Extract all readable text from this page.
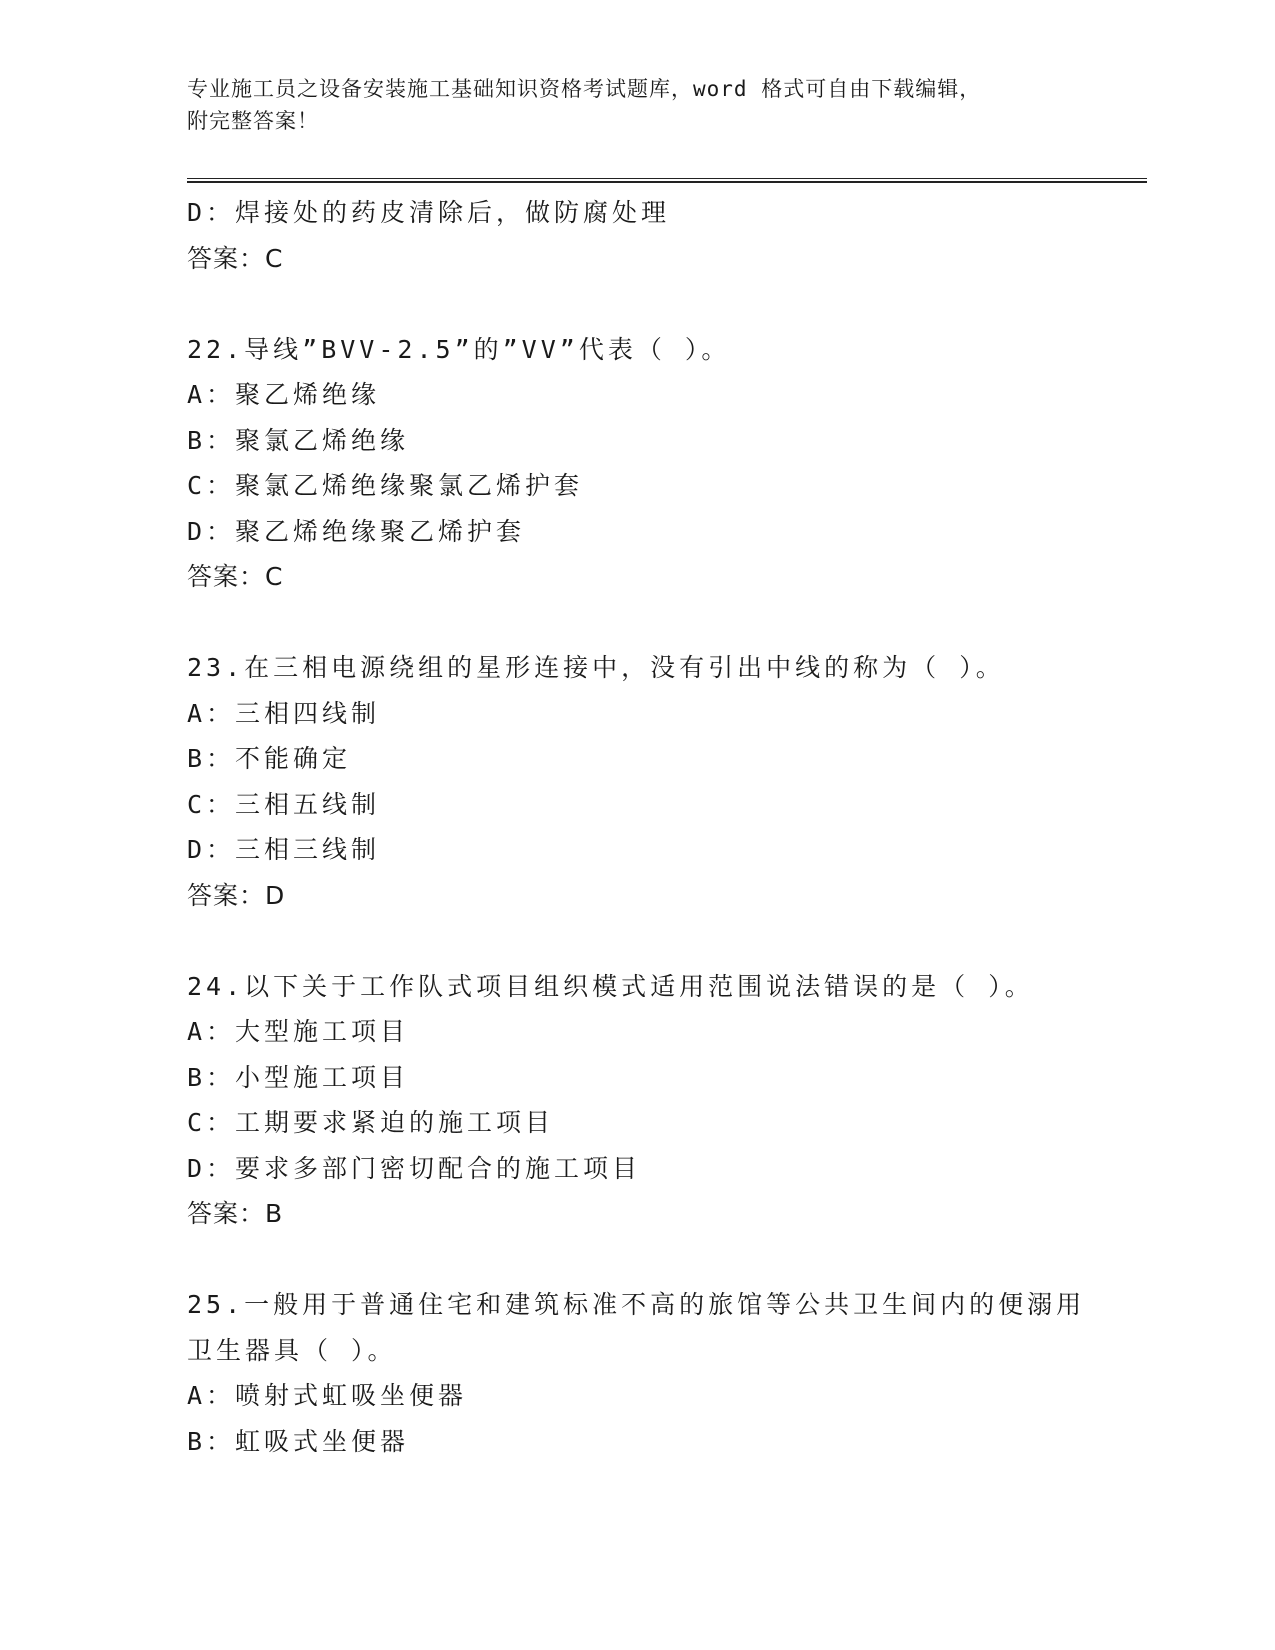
专业施工员之设备安装施工基础知识资格考试题库，word 格式可自由下载编辑，
附完整答案！
D：焊接处的药皮清除后，做防腐处理
答案：C
22.导线”BVV-2.5”的”VV”代表（ ）。
A：聚乙烯绝缘
B：聚氯乙烯绝缘
C：聚氯乙烯绝缘聚氯乙烯护套
D：聚乙烯绝缘聚乙烯护套
答案：C
23.在三相电源绕组的星形连接中，没有引出中线的称为（ ）。
A：三相四线制
B：不能确定
C：三相五线制
D：三相三线制
答案：D
24.以下关于工作队式项目组织模式适用范围说法错误的是（ ）。
A：大型施工项目
B：小型施工项目
C：工期要求紧迫的施工项目
D：要求多部门密切配合的施工项目
答案：B
25.一般用于普通住宅和建筑标准不高的旅馆等公共卫生间内的便溺用
卫生器具（ ）。
A：喷射式虹吸坐便器
B：虹吸式坐便器
